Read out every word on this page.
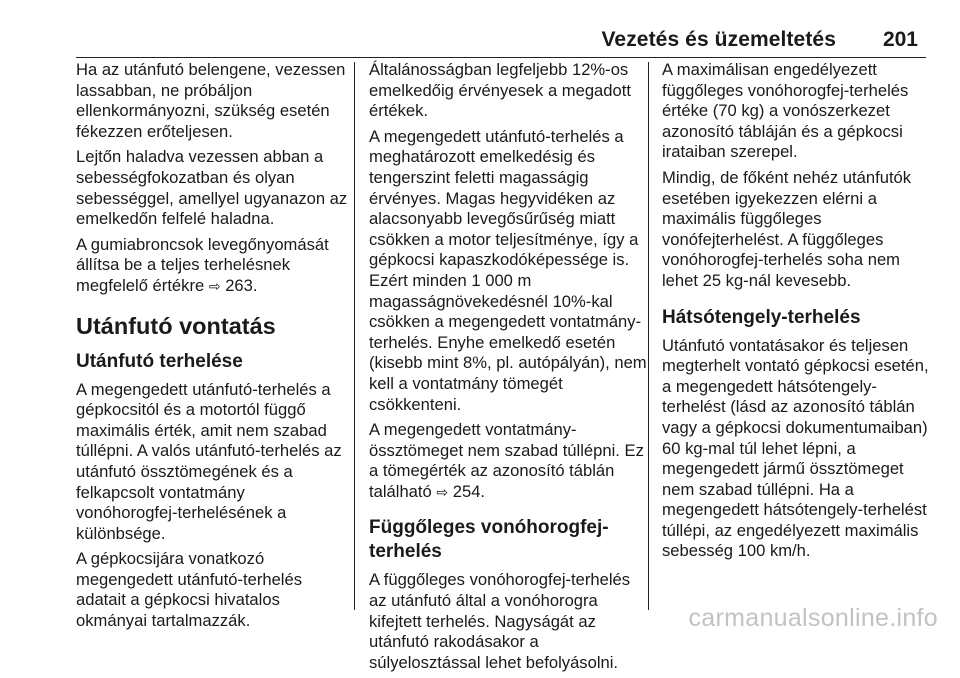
Vezetés és üzemeltetés 201

Ha az utánfutó belengene, vezessen
lassabban, ne próbáljon
ellenkormányozni, szükség esetén
fékezzen erőteljesen.

Lejtőn haladva vezessen abban a
sebességfokozatban és olyan
sebességgel, amellyel ugyanazon az
emelkedőn felfelé haladna.

A gumiabroncsok levegőnyomását
állítsa be a teljes terhelésnek
megfelelő értékre ⇨ 263.

Utánfutó vontatás
Utánfutó terhelése

A megengedett utánfutó-terhelés a
gépkocsitól és a motortól függő
maximális érték, amit nem szabad
túllépni. A valós utánfutó-terhelés az
utánfutó össztömegének és a
felkapcsolt vontatmány
vonóhorogfej-terhelésének a
különbsége.

A gépkocsijára vonatkozó
megengedett utánfutó-terhelés
adatait a gépkocsi hivatalos
okmányai tartalmazzák.

Általánosságban legfeljebb 12%-os
emelkedőig érvényesek a megadott
értékek.

A megengedett utánfutó-terhelés a
meghatározott emelkedésig és
tengerszint feletti magasságig
érvényes. Magas hegyvidéken az
alacsonyabb levegősűrűség miatt
csökken a motor teljesítménye, így a
gépkocsi kapaszkodóképessége is.
Ezért minden 1 000 m
magasságnövekedésnél 10%-kal
csökken a megengedett vontatmány-
terhelés. Enyhe emelkedő esetén
(kisebb mint 8%, pl. autópályán), nem
kell a vontatmány tömegét
csökkenteni.

A megengedett vontatmány-
össztömeget nem szabad túllépni. Ez
a tömegérték az azonosító táblán
található ⇨ 254.

Függőleges vonóhorogfej-
terhelés

A függőleges vonóhorogfej-terhelés
az utánfutó által a vonóhorogra
kifejtett terhelés. Nagyságát az
utánfutó rakodásakor a
súlyelosztással lehet befolyásolni.

A maximálisan engedélyezett
függőleges vonóhorogfej-terhelés
értéke (70 kg) a vonószerkezet
azonosító tábláján és a gépkocsi
irataiban szerepel.

Mindig, de főként nehéz utánfutók
esetében igyekezzen elérni a
maximális függőleges
vonófejterhelést. A függőleges
vonóhorogfej-terhelés soha nem
lehet 25 kg-nál kevesebb.

Hátsótengely-terhelés

Utánfutó vontatásakor és teljesen
megterhelt vontató gépkocsi esetén,
a megengedett hátsótengely-
terhelést (lásd az azonosító táblán
vagy a gépkocsi dokumentumaiban)
60 kg-mal túl lehet lépni, a
megengedett jármű össztömeget
nem szabad túllépni. Ha a
megengedett hátsótengely-terhelést
túllépi, az engedélyezett maximális
sebesség 100 km/h.

carmanualsonline.info
